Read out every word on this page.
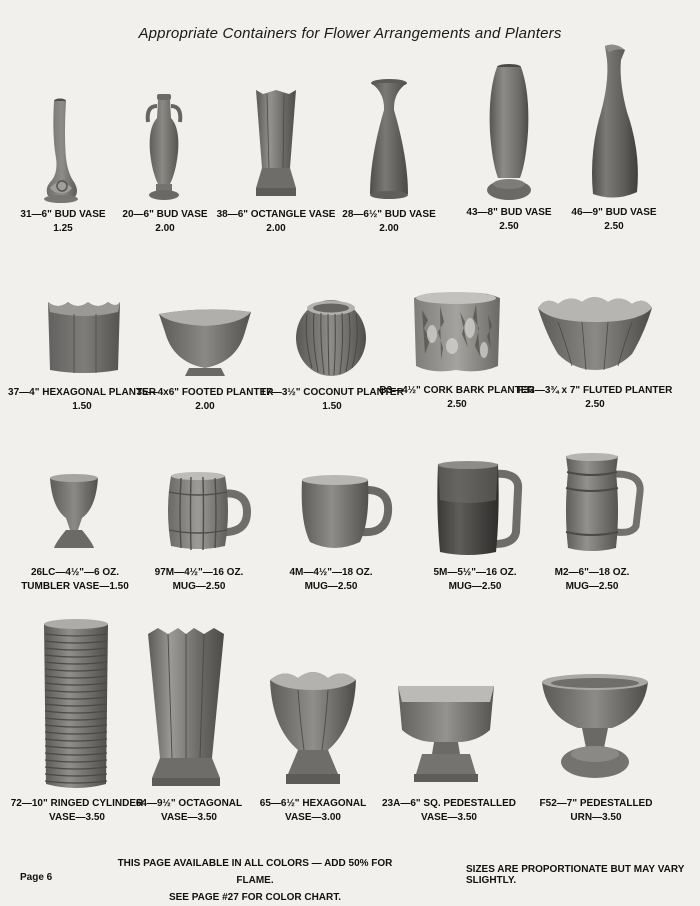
Appropriate Containers for Flower Arrangements and Planters
31—6" BUD VASE
1.25
20—6" BUD VASE
2.00
38—6" OCTANGLE VASE
2.00
28—6½" BUD VASE
2.00
43—8" BUD VASE
2.50
46—9" BUD VASE
2.50
37—4" HEXAGONAL PLANTER
1.50
35—4x6" FOOTED PLANTER
2.00
T7—3½" COCONUT PLANTER
1.50
B3—4½" CORK BARK PLANTER
2.50
F33—3¾ x 7" FLUTED PLANTER
2.50
26LC—4½"—6 OZ.
TUMBLER VASE—1.50
97M—4½"—16 OZ.
MUG—2.50
4M—4½"—18 OZ.
MUG—2.50
5M—5½"—16 OZ.
MUG—2.50
M2—6"—18 OZ.
MUG—2.50
72—10" RINGED CYLINDER
VASE—3.50
64—9½" OCTAGONAL
VASE—3.50
65—6½" HEXAGONAL
VASE—3.00
23A—6" SQ. PEDESTALLED
VASE—3.50
F52—7" PEDESTALLED
URN—3.50
Page 6
THIS PAGE AVAILABLE IN ALL COLORS — ADD 50% FOR FLAME.
SEE PAGE #27 FOR COLOR CHART.
SIZES ARE PROPORTIONATE BUT MAY VARY SLIGHTLY.
